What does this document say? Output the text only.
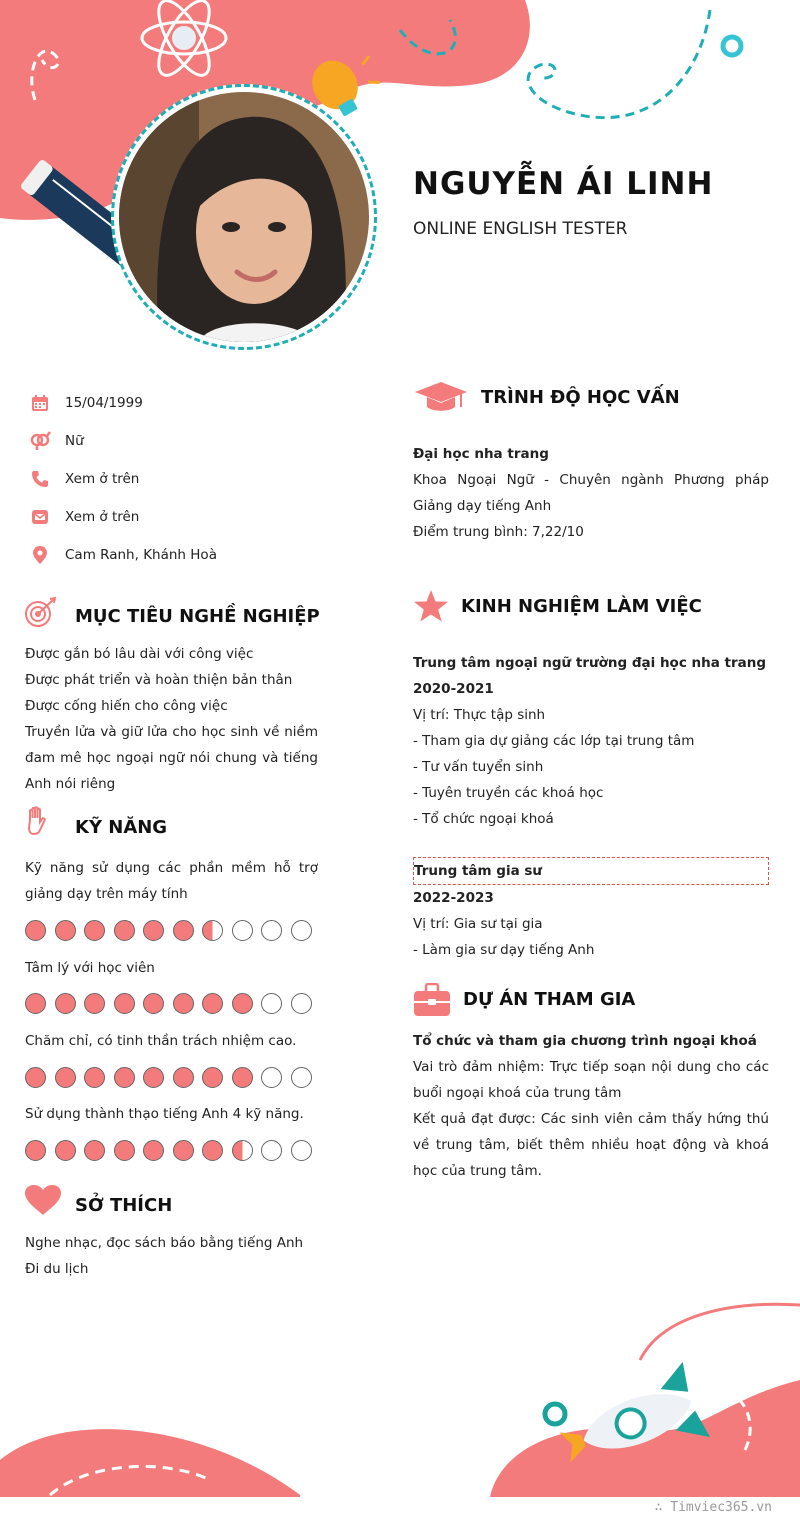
NGUYỄN ÁI LINH
ONLINE ENGLISH TESTER
15/04/1999
Nữ
Xem ở trên
Xem ở trên
Cam Ranh, Khánh Hoà
MỤC TIÊU NGHỀ NGHIỆP
Được gắn bó lâu dài với công việc
Được phát triển và hoàn thiện bản thân
Được cống hiến cho công việc
Truyền lửa và giữ lửa cho học sinh về niềm đam mê học ngoại ngữ nói chung và tiếng Anh nói riêng
KỸ NĂNG
Kỹ năng sử dụng các phần mềm hỗ trợ giảng dạy trên máy tính
Tâm lý với học viên
Chăm chỉ, có tinh thần trách nhiệm cao.
Sử dụng thành thạo tiếng Anh 4 kỹ năng.
SỞ THÍCH
Nghe nhạc, đọc sách báo bằng tiếng Anh
Đi du lịch
TRÌNH ĐỘ HỌC VẤN
Đại học nha trang
Khoa Ngoại Ngữ - Chuyên ngành Phương pháp Giảng dạy tiếng Anh
Điểm trung bình: 7,22/10
KINH NGHIỆM LÀM VIỆC
Trung tâm ngoại ngữ trường đại học nha trang
2020-2021
Vị trí: Thực tập sinh
- Tham gia dự giảng các lớp tại trung tâm
- Tư vấn tuyển sinh
- Tuyên truyền các khoá học
- Tổ chức ngoại khoá
Trung tâm gia sư
2022-2023
Vị trí: Gia sư tại gia
- Làm gia sư dạy tiếng Anh
DỰ ÁN THAM GIA
Tổ chức và tham gia chương trình ngoại khoá
Vai trò đảm nhiệm: Trực tiếp soạn nội dung cho các buổi ngoại khoá của trung tâm
Kết quả đạt được: Các sinh viên cảm thấy hứng thú về trung tâm, biết thêm nhiều hoạt động và khoá học của trung tâm.
∴ Timviec365.vn
